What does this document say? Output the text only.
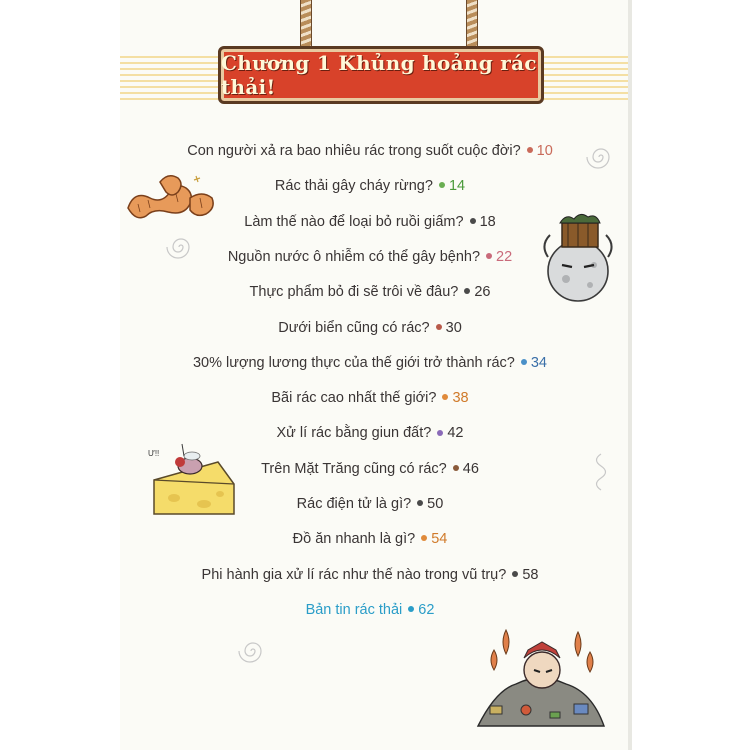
Chương 1 Khủng hoảng rác thải!
Con người xả ra bao nhiêu rác trong suốt cuộc đời? 10
Rác thải gây cháy rừng? 14
Làm thế nào để loại bỏ ruồi giấm? 18
Nguồn nước ô nhiễm có thể gây bệnh? 22
Thực phẩm bỏ đi sẽ trôi về đâu? 26
Dưới biển cũng có rác? 30
30% lượng lương thực của thế giới trở thành rác? 34
Bãi rác cao nhất thế giới? 38
Xử lí rác bằng giun đất? 42
Trên Mặt Trăng cũng có rác? 46
Rác điện tử là gì? 50
Đồ ăn nhanh là gì? 54
Phi hành gia xử lí rác như thế nào trong vũ trụ? 58
Bản tin rác thải 62
Ư!!
